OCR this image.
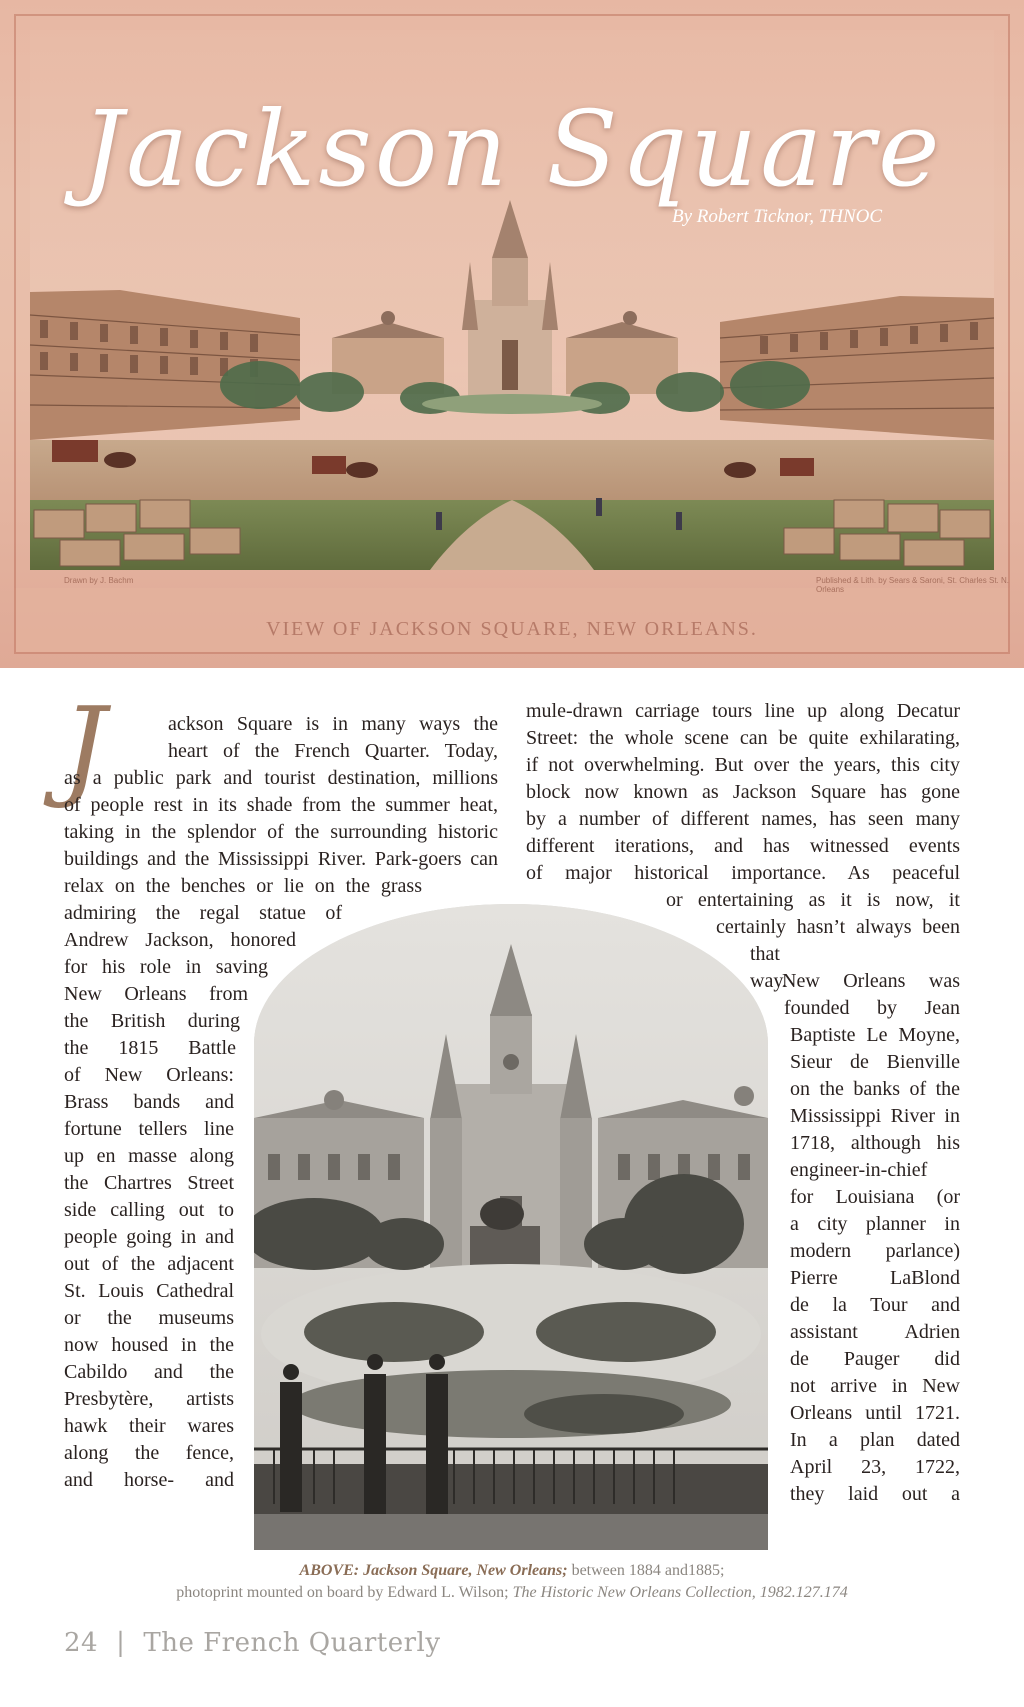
Jackson Square
By Robert Ticknor, THNOC
Drawn by J. Bachm	Published & Lith. by Sears & Saroni, St. Charles St. N. Orleans
VIEW OF JACKSON SQUARE, NEW ORLEANS.
J	ackson Square is in many ways the

heart of the French Quarter. Today,

as a public park and tourist destination, millions

of people rest in its shade from the summer heat,

taking in the splendor of the surrounding historic

buildings and the Mississippi River. Park-goers can

relax on the benches or lie on the grass

admiring the regal statue of

Andrew Jackson, honored

for his role in saving

New Orleans from

the British during

the 1815 Battle

of New Orleans:

Brass bands and

fortune tellers line

up en masse along

the Chartres Street

side calling out to

people going in and

out of the adjacent

St. Louis Cathedral

or the museums

now housed in the

Cabildo and the

Presbytère, artists

hawk their wares

along the fence,

and horse- and

mule-drawn carriage tours line up along Decatur

Street: the whole scene can be quite exhilarating,

if not overwhelming. But over the years, this city

block now known as Jackson Square has gone

by a number of different names, has seen many

different iterations, and has witnessed events

of major historical importance. As peaceful

or entertaining as it is now, it

certainly hasn’t always been

that way.

New Orleans was

founded by Jean

Baptiste Le Moyne,

Sieur de Bienville

on the banks of the

Mississippi River in

1718, although his

engineer-in-chief

for Louisiana (or

a city planner in

modern parlance)

Pierre LaBlond

de la Tour and

assistant Adrien

de Pauger did

not arrive in New

Orleans until 1721.

In a plan dated

April 23, 1722,

they laid out a

ABOVE: Jackson Square, New Orleans; between 1884 and1885;
photoprint mounted on board by Edward L. Wilson; The Historic New Orleans Collection, 1982.127.174
24 | The French Quarterly
